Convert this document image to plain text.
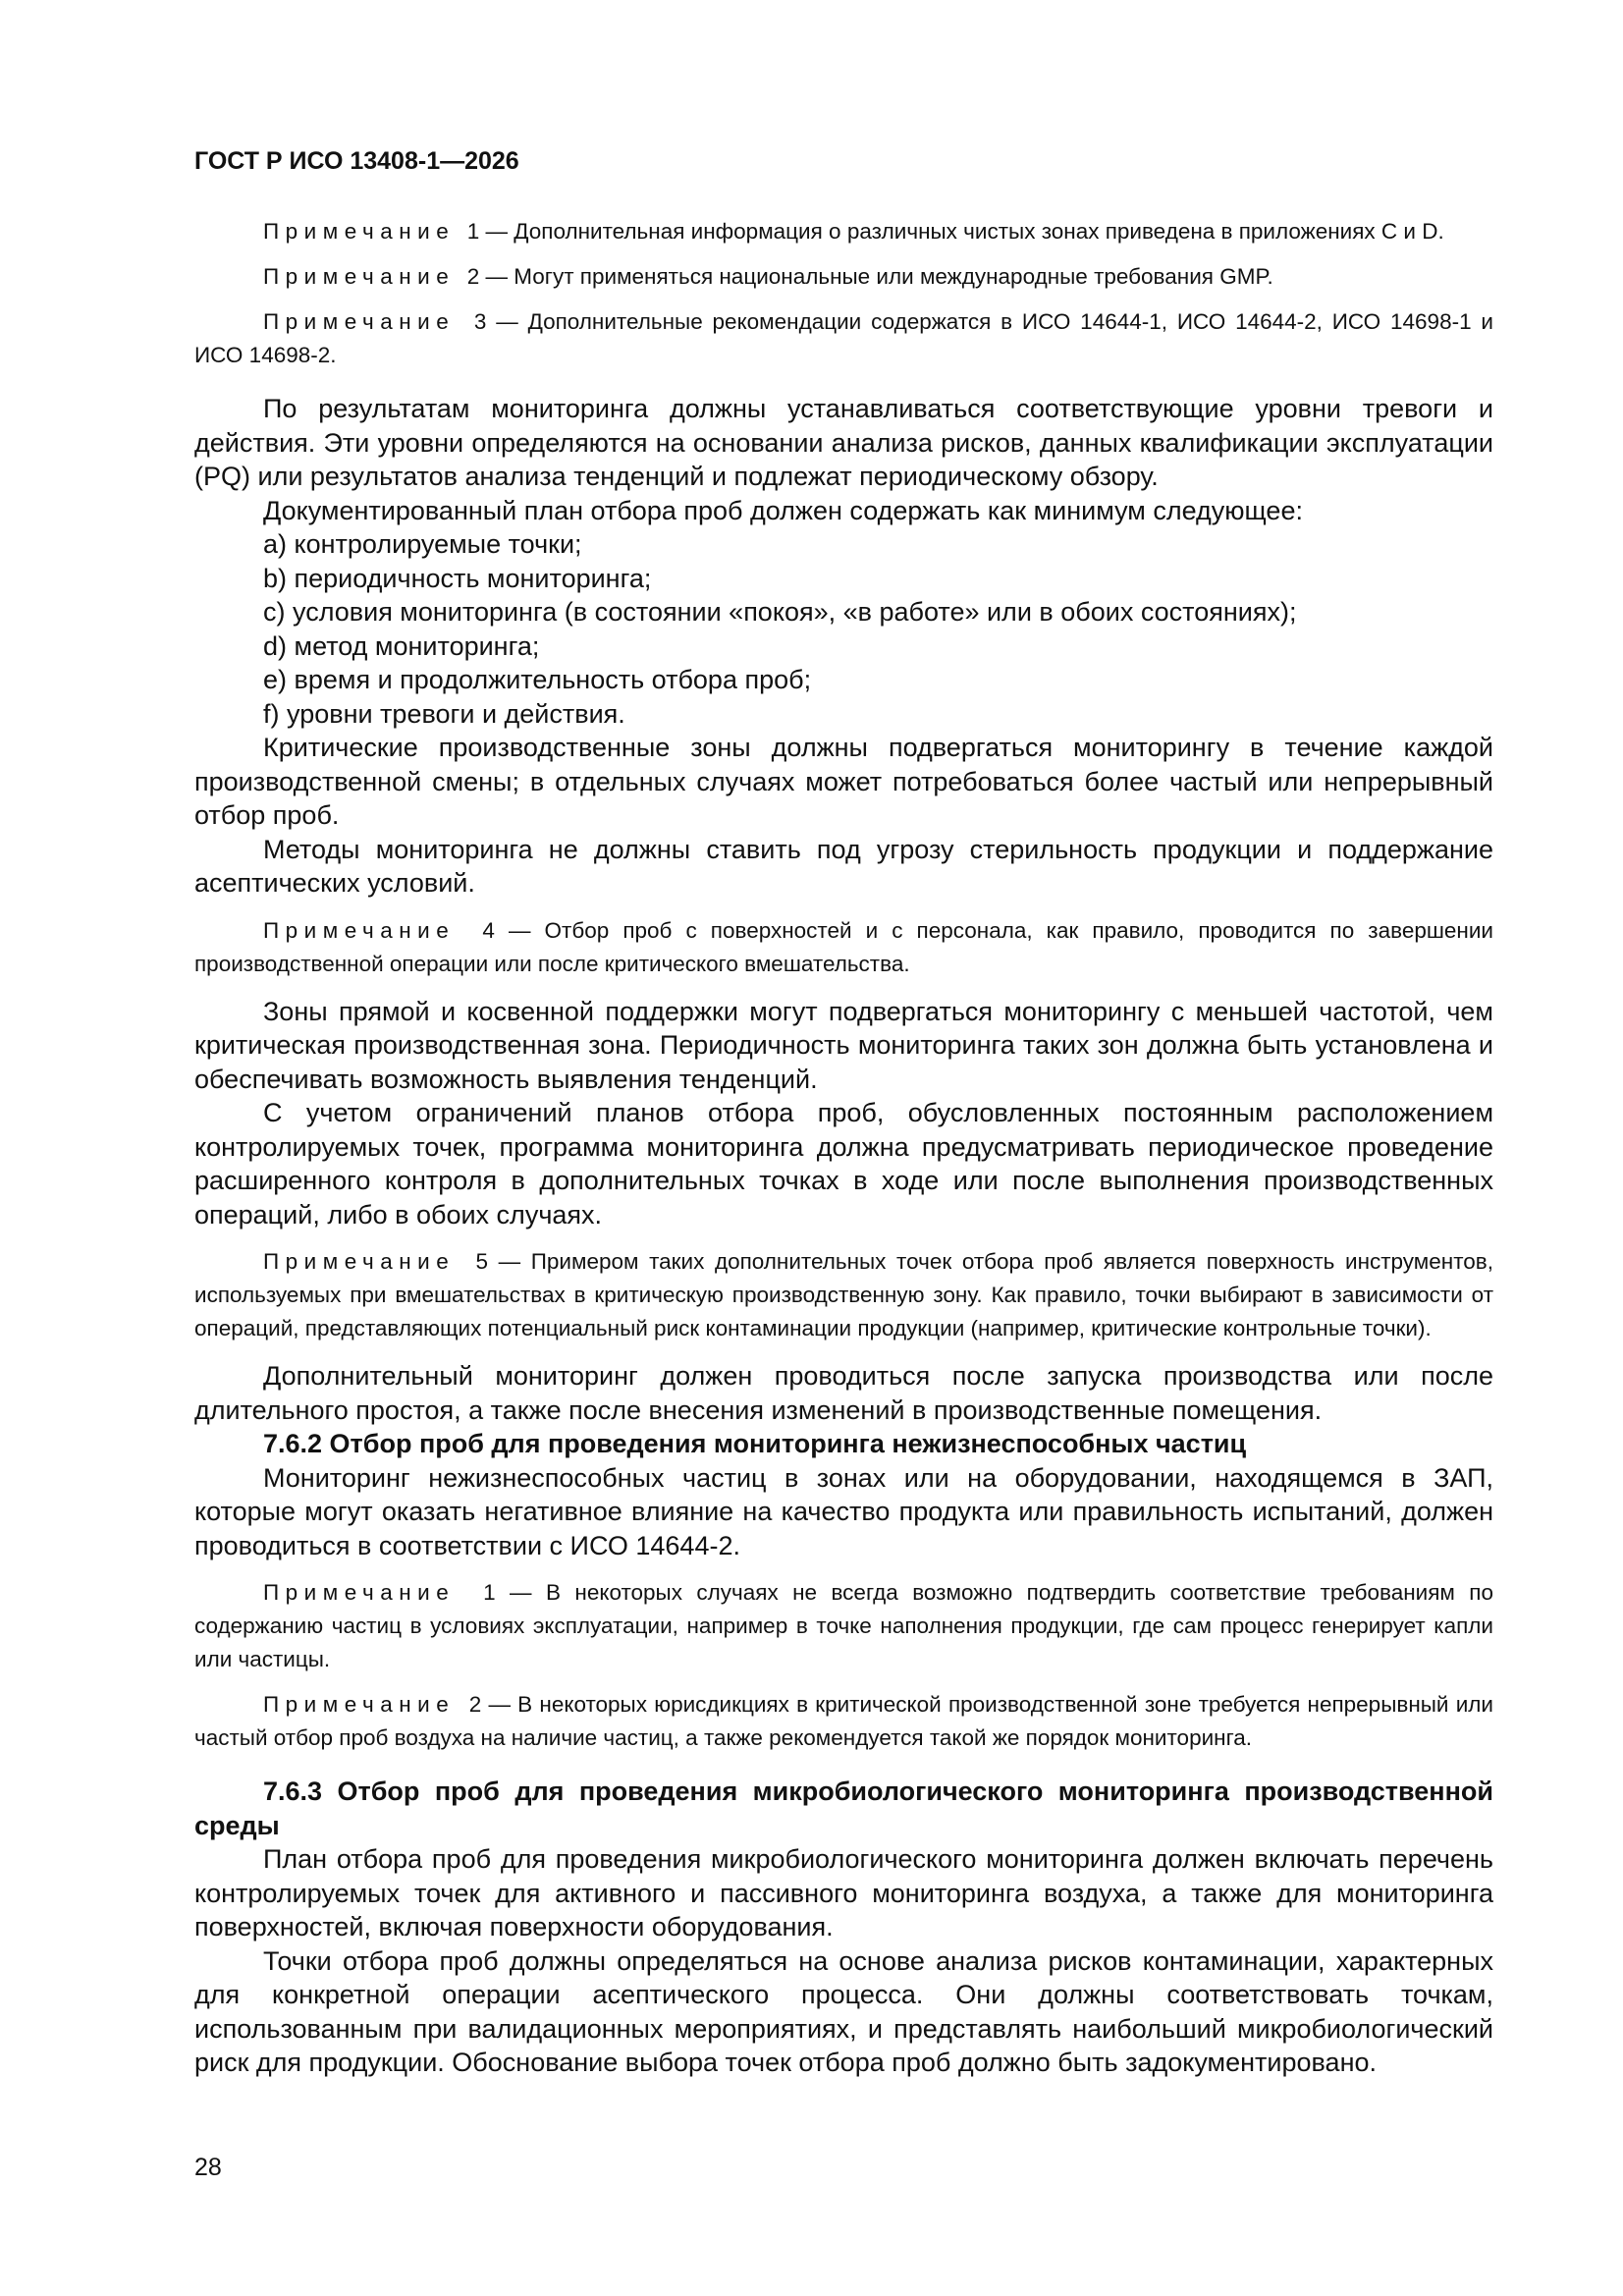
ГОСТ Р ИСО 13408-1—2026

Примечание 1 — Дополнительная информация о различных чистых зонах приведена в приложениях C и D.

Примечание 2 — Могут применяться национальные или международные требования GMP.

Примечание 3 — Дополнительные рекомендации содержатся в ИСО 14644-1, ИСО 14644-2, ИСО 14698-1 и ИСО 14698-2.

По результатам мониторинга должны устанавливаться соответствующие уровни тревоги и действия. Эти уровни определяются на основании анализа рисков, данных квалификации эксплуатации (PQ) или результатов анализа тенденций и подлежат периодическому обзору.

Документированный план отбора проб должен содержать как минимум следующее:

a) контролируемые точки;
b) периодичность мониторинга;
c) условия мониторинга (в состоянии «покоя», «в работе» или в обоих состояниях);
d) метод мониторинга;
e) время и продолжительность отбора проб;
f) уровни тревоги и действия.

Критические производственные зоны должны подвергаться мониторингу в течение каждой производственной смены; в отдельных случаях может потребоваться более частый или непрерывный отбор проб.

Методы мониторинга не должны ставить под угрозу стерильность продукции и поддержание асептических условий.

Примечание 4 — Отбор проб с поверхностей и с персонала, как правило, проводится по завершении производственной операции или после критического вмешательства.

Зоны прямой и косвенной поддержки могут подвергаться мониторингу с меньшей частотой, чем критическая производственная зона. Периодичность мониторинга таких зон должна быть установлена и обеспечивать возможность выявления тенденций.

С учетом ограничений планов отбора проб, обусловленных постоянным расположением контролируемых точек, программа мониторинга должна предусматривать периодическое проведение расширенного контроля в дополнительных точках в ходе или после выполнения производственных операций, либо в обоих случаях.

Примечание 5 — Примером таких дополнительных точек отбора проб является поверхность инструментов, используемых при вмешательствах в критическую производственную зону. Как правило, точки выбирают в зависимости от операций, представляющих потенциальный риск контаминации продукции (например, критические контрольные точки).

Дополнительный мониторинг должен проводиться после запуска производства или после длительного простоя, а также после внесения изменений в производственные помещения.

7.6.2 Отбор проб для проведения мониторинга нежизнеспособных частиц

Мониторинг нежизнеспособных частиц в зонах или на оборудовании, находящемся в ЗАП, которые могут оказать негативное влияние на качество продукта или правильность испытаний, должен проводиться в соответствии с ИСО 14644-2.

Примечание 1 — В некоторых случаях не всегда возможно подтвердить соответствие требованиям по содержанию частиц в условиях эксплуатации, например в точке наполнения продукции, где сам процесс генерирует капли или частицы.

Примечание 2 — В некоторых юрисдикциях в критической производственной зоне требуется непрерывный или частый отбор проб воздуха на наличие частиц, а также рекомендуется такой же порядок мониторинга.

7.6.3 Отбор проб для проведения микробиологического мониторинга производственной среды

План отбора проб для проведения микробиологического мониторинга должен включать перечень контролируемых точек для активного и пассивного мониторинга воздуха, а также для мониторинга поверхностей, включая поверхности оборудования.

Точки отбора проб должны определяться на основе анализа рисков контаминации, характерных для конкретной операции асептического процесса. Они должны соответствовать точкам, использованным при валидационных мероприятиях, и представлять наибольший микробиологический риск для продукции. Обоснование выбора точек отбора проб должно быть задокументировано.

28
